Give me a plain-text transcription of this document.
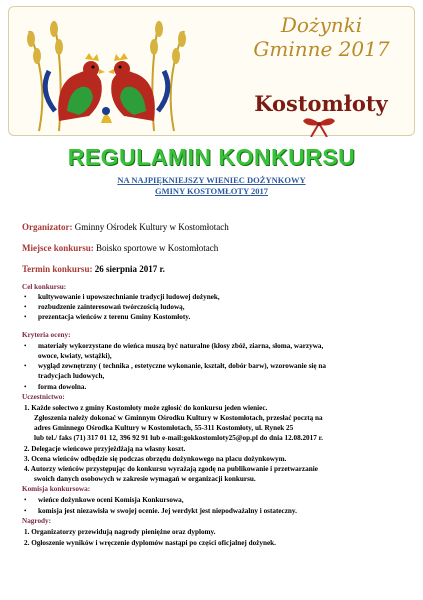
Dożynki
Gminne 2017
Kostomłoty
REGULAMIN KONKURSU
NA NAJPIĘKNIEJSZY WIENIEC DOŻYNKOWY
GMINY KOSTOMŁOTY 2017
Organizator: Gminny Ośrodek Kultury w Kostomłotach
Miejsce konkursu: Boisko sportowe w Kostomłotach
Termin konkursu: 26 sierpnia 2017 r.
Cel konkursu:
• kultywowanie i upowszechnianie tradycji ludowej dożynek,
• rozbudzenie zainteresowań twórczością ludową,
• prezentacja wieńców z terenu Gminy Kostomłoty.
Kryteria oceny:
• materiały wykorzystane do wieńca muszą być naturalne (kłosy zbóż, ziarna, słoma, warzywa,
owoce, kwiaty, wstążki),
• wygląd zewnętrzny ( technika , estetyczne wykonanie, kształt, dobór barw), wzorowanie się na
tradycjach ludowych,
• forma dowolna.
Uczestnictwo:
1. Każde sołectwo z gminy Kostomłoty może zgłosić do konkursu jeden wieniec.
Zgłoszenia należy dokonać w Gminnym Ośrodku Kultury w Kostomłotach, przesłać pocztą na
adres Gminnego Ośrodka Kultury w Kostomłotach, 55-311 Kostomłoty, ul. Rynek 25
lub tel./ faks (71) 317 01 12, 396 92 91 lub e-mail:gokkostomloty25@op.pl do dnia 12.08.2017 r.
2. Delegacje wieńcowe przyjeżdżają na własny koszt.
3. Ocena wieńców odbędzie się podczas obrzędu dożynkowego na placu dożynkowym.
4. Autorzy wieńców przystępując do konkursu wyrażają zgodę na publikowanie i przetwarzanie
swoich danych osobowych w zakresie wymagań w organizacji konkursu.
Komisja konkursowa:
• wieńce dożynkowe oceni Komisja Konkursowa,
• komisja jest niezawisła w swojej ocenie. Jej werdykt jest niepodważalny i ostateczny.
Nagrody:
1. Organizatorzy przewidują nagrody pieniężne oraz dyplomy.
2. Ogłoszenie wyników i wręczenie dyplomów nastąpi po części oficjalnej dożynek.
